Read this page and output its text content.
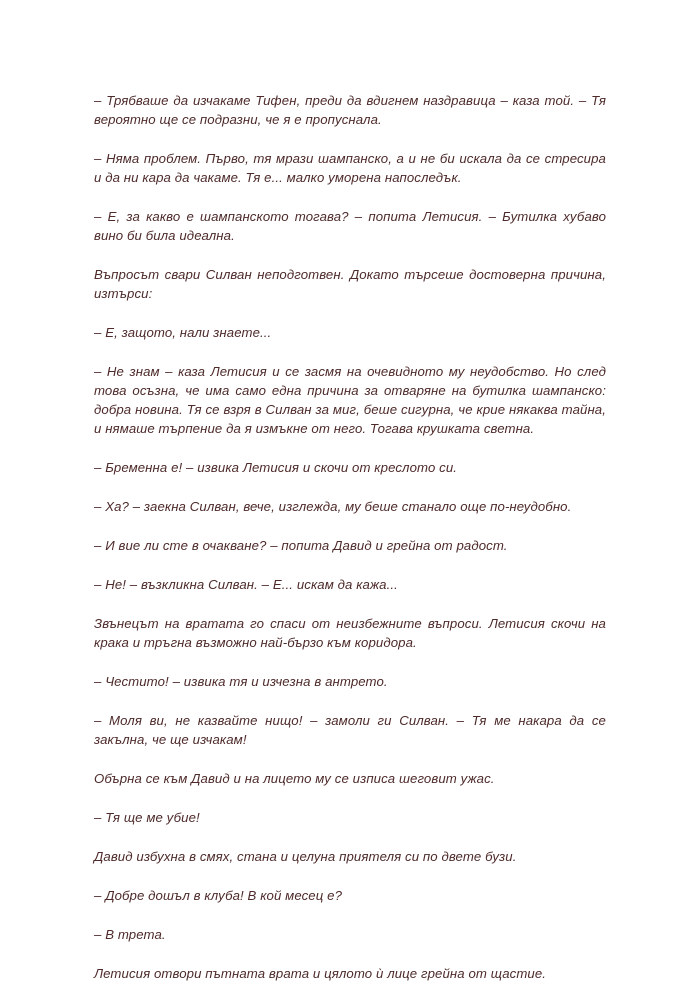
– Трябваше да изчакаме Тифен, преди да вдигнем наздравица – каза той. – Тя вероятно ще се подразни, че я е пропуснала.

– Няма проблем. Първо, тя мрази шампанско, а и не би искала да се стресира и да ни кара да чакаме. Тя е... малко уморена напоследък.

– Е, за какво е шампанското тогава? – попита Летисия. – Бутилка хубаво вино би била идеална.

Въпросът свари Силван неподготвен. Докато търсеше достоверна причина, изтърси:

– Е, защото, нали знаете...

– Не знам – каза Летисия и се засмя на очевидното му неудобство. Но след това осъзна, че има само една причина за отваряне на бутилка шампанско: добра новина. Тя се взря в Силван за миг, беше сигурна, че крие някаква тайна, и нямаше търпение да я измъкне от него. Тогава крушката светна.

– Бременна е! – извика Летисия и скочи от креслото си.

– Ха? – заекна Силван, вече, изглежда, му беше станало още по-неудобно.

– И вие ли сте в очакване? – попита Давид и грейна от радост.

– Не! – възкликна Силван. – Е... искам да кажа...

Звънецът на вратата го спаси от неизбежните въпроси. Летисия скочи на крака и тръгна възможно най-бързо към коридора.

– Честито! – извика тя и изчезна в антрето.

– Моля ви, не казвайте нищо! – замоли ги Силван. – Тя ме накара да се закълна, че ще изчакам!

Обърна се към Давид и на лицето му се изписа шеговит ужас.

– Тя ще ме убие!

Давид избухна в смях, стана и целуна приятеля си по двете бузи.

– Добре дошъл в клуба! В кой месец е?

– В трета.

Летисия отвори пътната врата и цялото ѝ лице грейна от щастие.
